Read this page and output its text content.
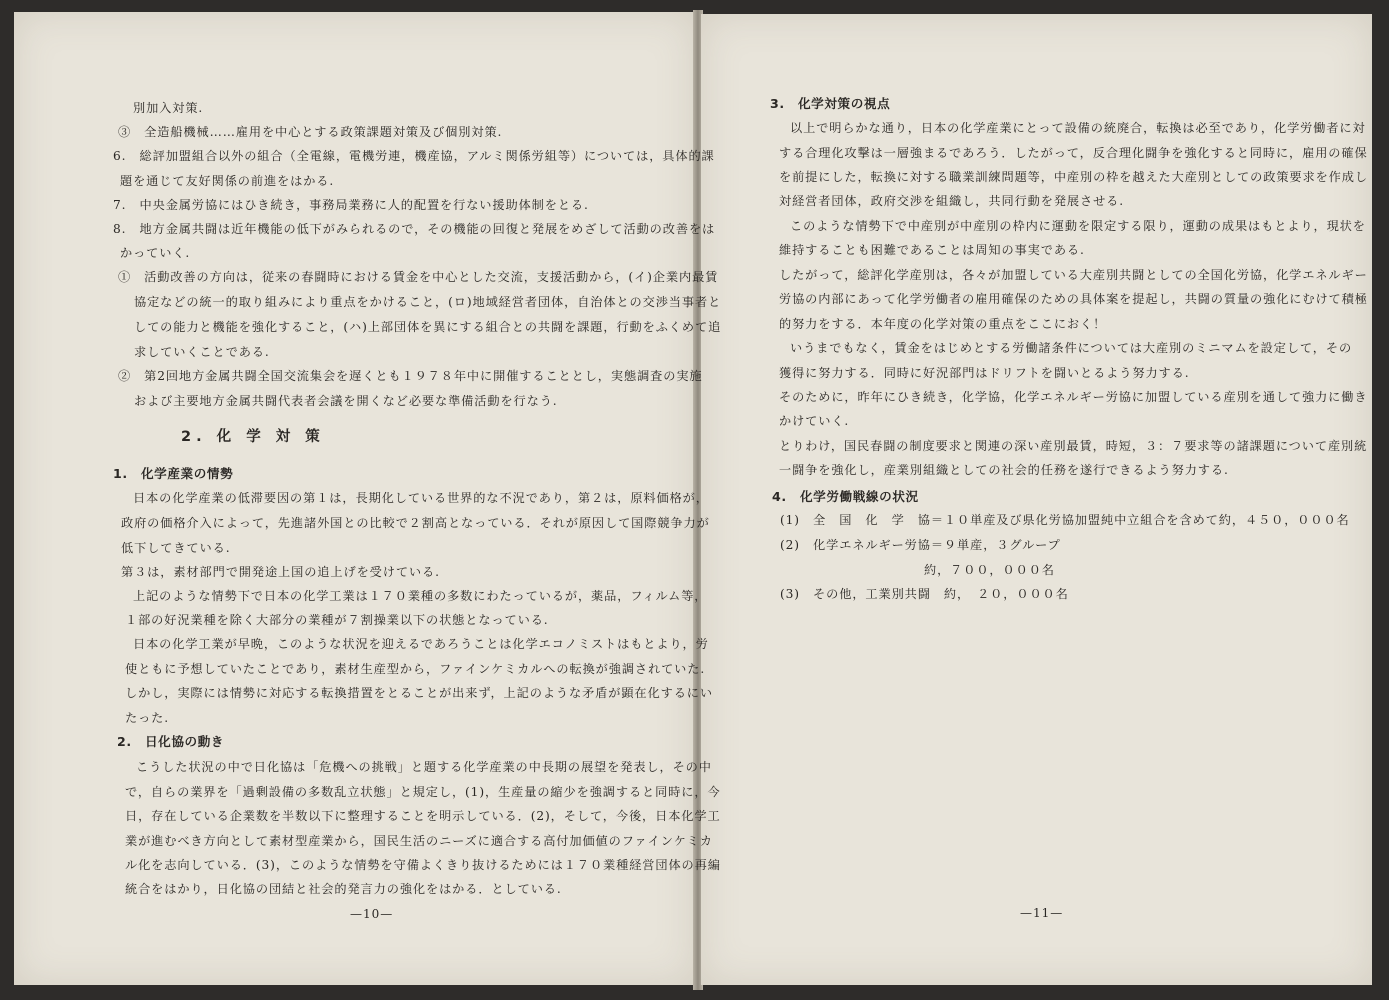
別加入対策.
③　全造船機械……雇用を中心とする政策課題対策及び個別対策.
6.　総評加盟組合以外の組合（全電線，電機労連，機産協，アルミ関係労組等）については，具体的課
題を通じて友好関係の前進をはかる.
7.　中央金属労協にはひき続き，事務局業務に人的配置を行ない援助体制をとる.
8.　地方金属共闘は近年機能の低下がみられるので，その機能の回復と発展をめざして活動の改善をは
かっていく.
①　活動改善の方向は，従来の春闘時における賃金を中心とした交流，支援活動から，(イ)企業内最賃
協定などの統一的取り組みにより重点をかけること，(ロ)地域経営者団体，自治体との交渉当事者と
しての能力と機能を強化すること，(ハ)上部団体を異にする組合との共闘を課題，行動をふくめて追
求していくことである.
②　第2回地方金属共闘全国交流集会を遅くとも１９７８年中に開催することとし，実態調査の実施
および主要地方金属共闘代表者会議を開くなど必要な準備活動を行なう.
2. 化 学 対 策
1.　化学産業の情勢
日本の化学産業の低滞要因の第１は，長期化している世界的な不況であり，第２は，原料価格が，
政府の価格介入によって，先進諸外国との比較で２割高となっている．それが原因して国際競争力が
低下してきている.
第３は，素材部門で開発途上国の追上げを受けている.
上記のような情勢下で日本の化学工業は１７０業種の多数にわたっているが，薬品，フィルム等，
１部の好況業種を除く大部分の業種が７割操業以下の状態となっている.
日本の化学工業が早晩，このような状況を迎えるであろうことは化学エコノミストはもとより，労
使ともに予想していたことであり，素材生産型から，ファインケミカルへの転換が強調されていた.
しかし，実際には情勢に対応する転換措置をとることが出来ず，上記のような矛盾が顕在化するにい
たった.
2.　日化協の動き
こうした状況の中で日化協は「危機への挑戦」と題する化学産業の中長期の展望を発表し，その中
で，自らの業界を「過剰設備の多数乱立状態」と規定し，(1)，生産量の縮少を強調すると同時に，今
日，存在している企業数を半数以下に整理することを明示している．(2)，そして，今後，日本化学工
業が進むべき方向として素材型産業から，国民生活のニーズに適合する高付加価値のファインケミカ
ル化を志向している．(3)，このような情勢を守備よくきり抜けるためには１７０業種経営団体の再編
統合をはかり，日化協の団結と社会的発言力の強化をはかる．としている.
—10—
3.　化学対策の視点
以上で明らかな通り，日本の化学産業にとって設備の統廃合，転換は必至であり，化学労働者に対
する合理化攻撃は一層強まるであろう．したがって，反合理化闘争を強化すると同時に，雇用の確保
を前提にした，転換に対する職業訓練問題等，中産別の枠を越えた大産別としての政策要求を作成し
対経営者団体，政府交渉を組織し，共同行動を発展させる.
このような情勢下で中産別が中産別の枠内に運動を限定する限り，運動の成果はもとより，現状を
維持することも困難であることは周知の事実である.
したがって，総評化学産別は，各々が加盟している大産別共闘としての全国化労協，化学エネルギー
労協の内部にあって化学労働者の雇用確保のための具体案を提起し，共闘の質量の強化にむけて積極
的努力をする．本年度の化学対策の重点をここにおく！
いうまでもなく，賃金をはじめとする労働諸条件については大産別のミニマムを設定して，その
獲得に努力する．同時に好況部門はドリフトを闘いとるよう努力する.
そのために，昨年にひき続き，化学協，化学エネルギー労協に加盟している産別を通して強力に働き
かけていく.
とりわけ，国民春闘の制度要求と関連の深い産別最賃，時短，３：７要求等の諸課題について産別統
一闘争を強化し，産業別組織としての社会的任務を遂行できるよう努力する.
4.　化学労働戦線の状況
(1)　全　国　化　学　協＝１０単産及び県化労協加盟純中立組合を含めて約，４５０，０００名
(2)　化学エネルギー労協＝９単産，３グループ
約，７００，０００名
(3)　その他，工業別共闘　約，　２０，０００名
—11—
